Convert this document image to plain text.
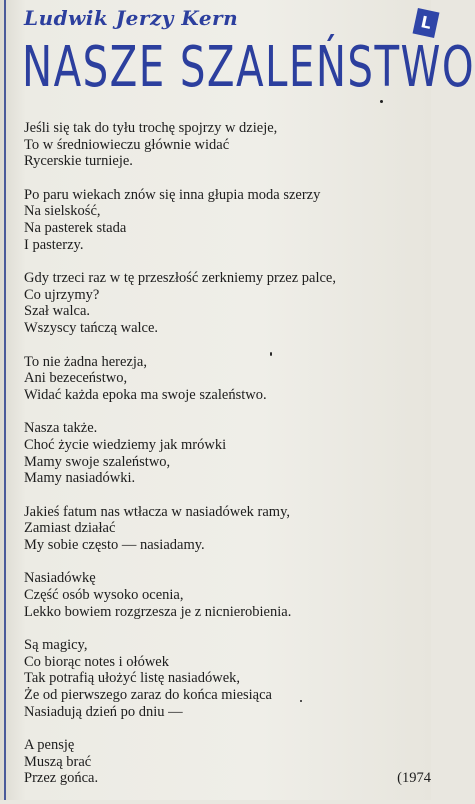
L
Ludwik Jerzy Kern
NASZE SZALEŃSTWO
Jeśli się tak do tyłu trochę spojrzy w dzieje,
To w średniowieczu głównie widać
Rycerskie turnieje.
Po paru wiekach znów się inna głupia moda szerzy
Na sielskość,
Na pasterek stada
I pasterzy.
Gdy trzeci raz w tę przeszłość zerkniemy przez palce,
Co ujrzymy?
Szał walca.
Wszyscy tańczą walce.
To nie żadna herezja,
Ani bezeceństwo,
Widać każda epoka ma swoje szaleństwo.
Nasza także.
Choć życie wiedziemy jak mrówki
Mamy swoje szaleństwo,
Mamy nasiadówki.
Jakieś fatum nas wtłacza w nasiadówek ramy,
Zamiast działać
My sobie często — nasiadamy.
Nasiadówkę
Część osób wysoko ocenia,
Lekko bowiem rozgrzesza je z nicnierobienia.
Są magicy,
Co biorąc notes i ołówek
Tak potrafią ułożyć listę nasiadówek,
Że od pierwszego zaraz do końca miesiąca
Nasiadują dzień po dniu —
A pensję
Muszą brać
Przez gońca.	(1974
